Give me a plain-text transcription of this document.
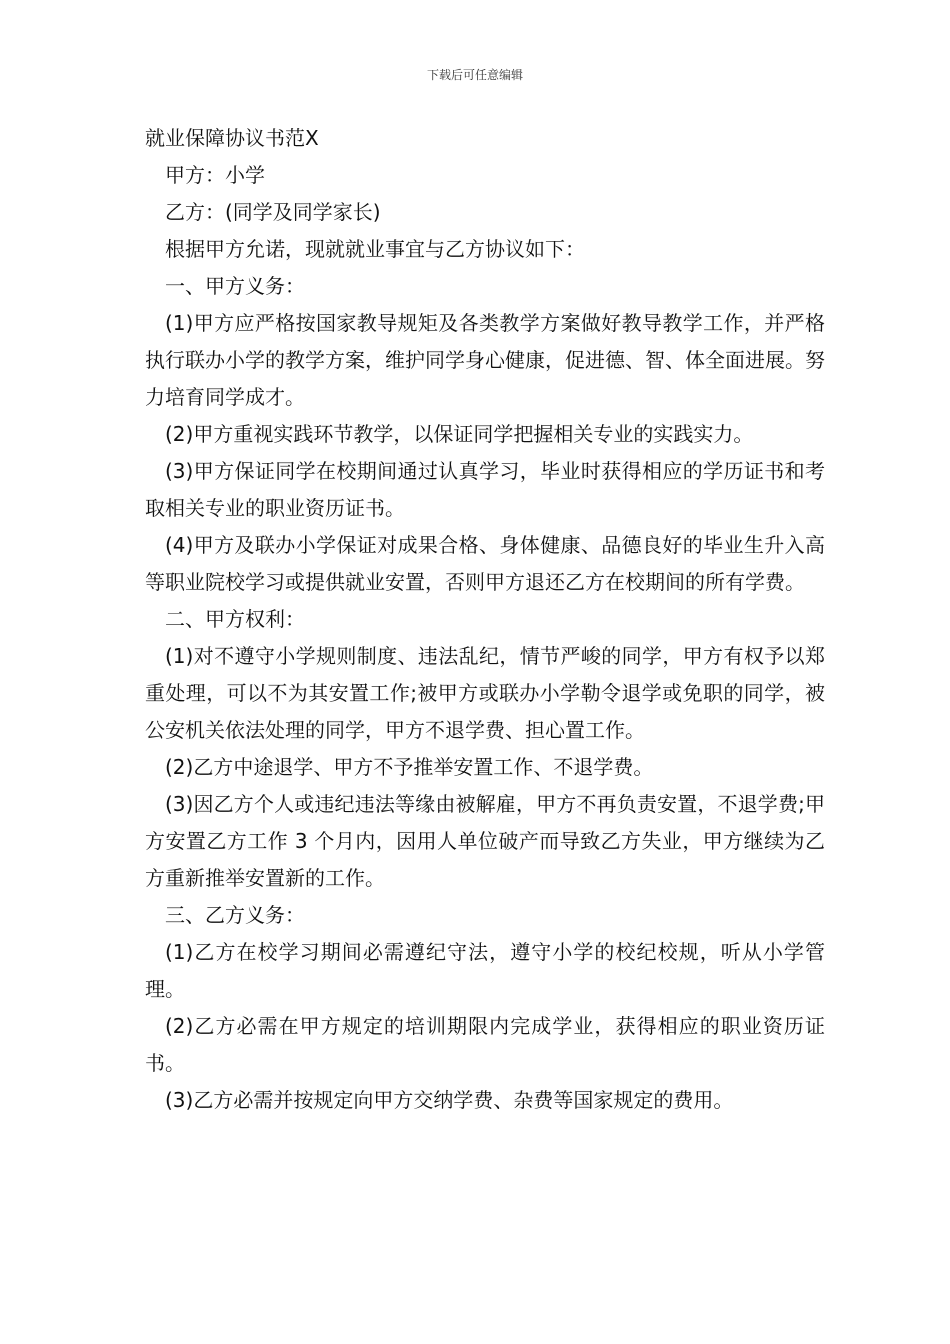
下载后可任意编辑
就业保障协议书范X

甲方：小学

乙方：(同学及同学家长)

根据甲方允诺，现就就业事宜与乙方协议如下：

一、甲方义务：

(1)甲方应严格按国家教导规矩及各类教学方案做好教导教学工作，并严格执行联办小学的教学方案，维护同学身心健康，促进德、智、体全面进展。努力培育同学成才。

(2)甲方重视实践环节教学，以保证同学把握相关专业的实践实力。

(3)甲方保证同学在校期间通过认真学习，毕业时获得相应的学历证书和考取相关专业的职业资历证书。

(4)甲方及联办小学保证对成果合格、身体健康、品德良好的毕业生升入高等职业院校学习或提供就业安置，否则甲方退还乙方在校期间的所有学费。

二、甲方权利：

(1)对不遵守小学规则制度、违法乱纪，情节严峻的同学，甲方有权予以郑重处理，可以不为其安置工作;被甲方或联办小学勒令退学或免职的同学，被公安机关依法处理的同学，甲方不退学费、担心置工作。

(2)乙方中途退学、甲方不予推举安置工作、不退学费。

(3)因乙方个人或违纪违法等缘由被解雇，甲方不再负责安置，不退学费;甲方安置乙方工作 3 个月内，因用人单位破产而导致乙方失业，甲方继续为乙方重新推举安置新的工作。

三、乙方义务：

(1)乙方在校学习期间必需遵纪守法，遵守小学的校纪校规，听从小学管理。

(2)乙方必需在甲方规定的培训期限内完成学业，获得相应的职业资历证书。

(3)乙方必需并按规定向甲方交纳学费、杂费等国家规定的费用。
